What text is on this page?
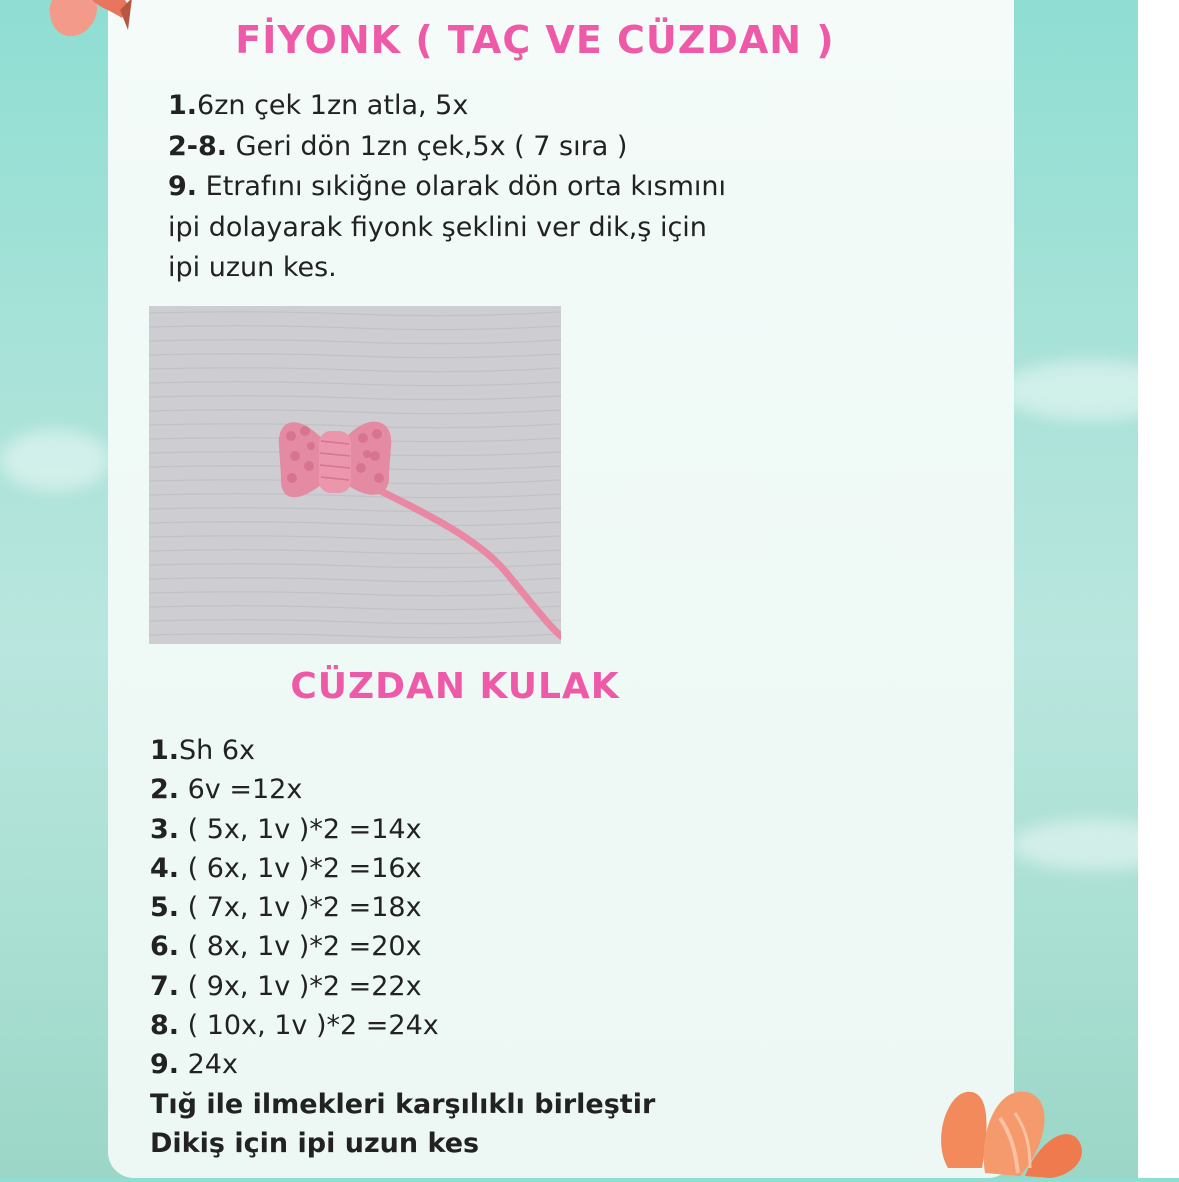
FİYONK ( TAÇ VE CÜZDAN )
1.6zn çek 1zn atla, 5x
2-8. Geri dön 1zn çek,5x ( 7 sıra )
9. Etrafını sıkiğne olarak dön orta kısmını
ipi dolayarak fiyonk şeklini ver dik,ş için
ipi uzun kes.
CÜZDAN KULAK
1.Sh 6x
2. 6v =12x
3. ( 5x, 1v )*2 =14x
4. ( 6x, 1v )*2 =16x
5. ( 7x, 1v )*2 =18x
6. ( 8x, 1v )*2 =20x
7. ( 9x, 1v )*2 =22x
8. ( 10x, 1v )*2 =24x
9. 24x
Tığ ile ilmekleri karşılıklı birleştir
Dikiş için ipi uzun kes
